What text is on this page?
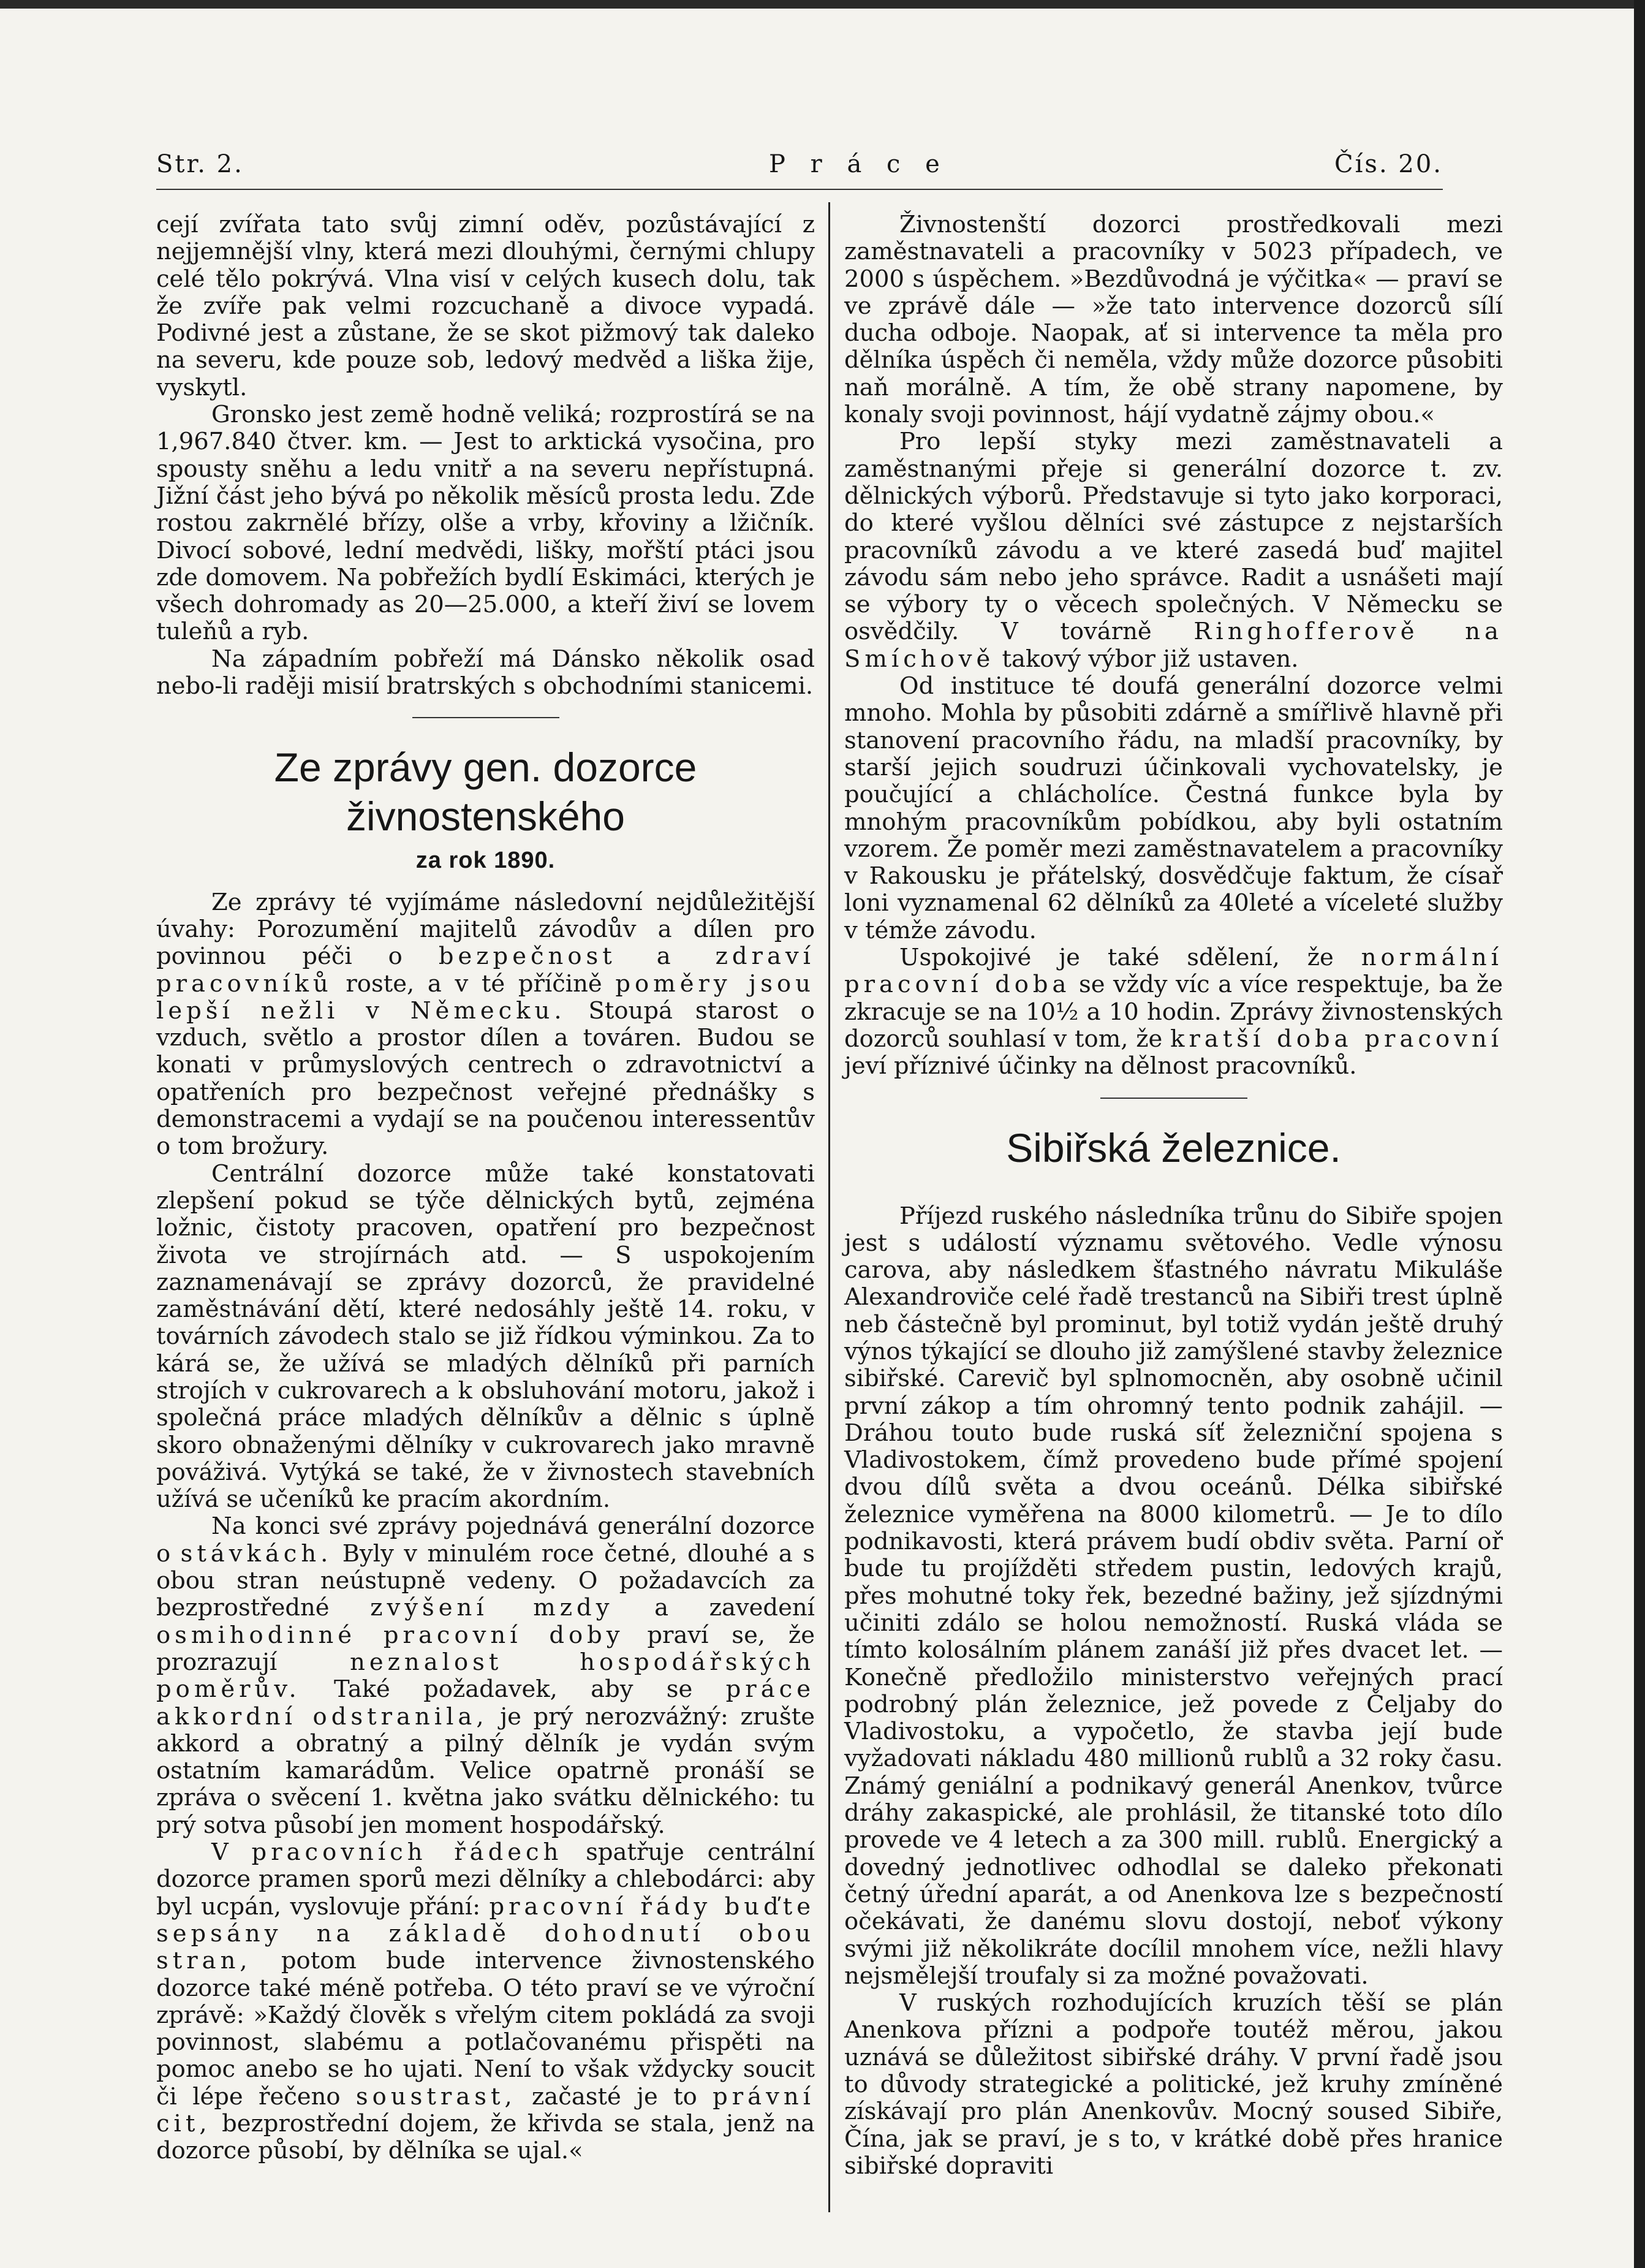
Str. 2.	P r á c e	Čís. 20.

cejí zvířata tato svůj zimní oděv, pozůstávající z nejjemnější vlny, která mezi dlouhými, černými chlupy celé tělo pokrývá. Vlna visí v celých kusech dolu, tak že zvíře pak velmi rozcuchaně a divoce vypadá. Podivné jest a zůstane, že se skot pižmový tak daleko na severu, kde pouze sob, ledový medvěd a liška žije, vyskytl.

Gronsko jest země hodně veliká; rozprostírá se na 1,967.840 čtver. km. — Jest to arktická vysočina, pro spousty sněhu a ledu vnitř a na severu nepřístupná. Jižní část jeho bývá po několik měsíců prosta ledu. Zde rostou zakrnělé břízy, olše a vrby, křoviny a lžičník. Divocí sobové, lední medvědi, lišky, mořští ptáci jsou zde domovem. Na pobřežích bydlí Eskimáci, kterých je všech dohromady as 20—25.000, a kteří živí se lovem tuleňů a ryb.

Na západním pobřeží má Dánsko několik osad nebo-li raději misií bratrských s obchodními stanicemi.

Ze zprávy gen. dozorce živnostenského
za rok 1890.

Ze zprávy té vyjímáme následovní nejdůležitější úvahy: Porozumění majitelů závodův a dílen pro povinnou péči o bezpečnost a zdraví pracovníků roste, a v té příčině poměry jsou lepší nežli v Německu. Stoupá starost o vzduch, světlo a prostor dílen a továren. Budou se konati v průmyslových centrech o zdravotnictví a opatřeních pro bezpečnost veřejné přednášky s demonstracemi a vydají se na poučenou interessentův o tom brožury.

Centrální dozorce může také konstatovati zlepšení pokud se týče dělnických bytů, zejména ložnic, čistoty pracoven, opatření pro bezpečnost života ve strojírnách atd. — S uspokojením zaznamenávají se zprávy dozorců, že pravidelné zaměstnávání dětí, které nedosáhly ještě 14. roku, v továrních závodech stalo se již řídkou výminkou. Za to kárá se, že užívá se mladých dělníků při parních strojích v cukrovarech a k obsluhování motoru, jakož i společná práce mladých dělníkův a dělnic s úplně skoro obnaženými dělníky v cukrovarech jako mravně pováživá. Vytýká se také, že v živnostech stavebních užívá se učeníků ke pracím akordním.

Na konci své zprávy pojednává generální dozorce o stávkách. Byly v minulém roce četné, dlouhé a s obou stran neústupně vedeny. O požadavcích za bezprostředné zvýšení mzdy a zavedení osmihodinné pracovní doby praví se, že prozrazují	neznalost hospodářských poměrův. Také požadavek, aby se práce akkordní odstranila, je prý nerozvážný: zrušte akkord a obratný a pilný dělník je vydán svým ostatním kamarádům. Velice opatrně pronáší se zpráva o svěcení 1. května jako svátku dělnického: tu prý sotva působí jen moment hospodářský.

V pracovních řádech spatřuje centrální dozorce pramen sporů mezi dělníky a chlebodárci: aby byl ucpán, vyslovuje přání: pracovní řády buďte sepsány na základě dohodnutí obou stran, potom bude intervence živnostenského dozorce také méně potřeba. O této praví se ve výroční zprávě: »Každý člověk s vřelým citem pokládá za svoji povinnost, slabému a potlačovanému přispěti na pomoc anebo se ho ujati. Není to však vždycky soucit či lépe řečeno soustrast, začasté je to právní cit, bezprostřední dojem, že křivda se stala, jenž na dozorce působí, by dělníka se ujal.«

Živnostenští dozorci prostředkovali mezi zaměstnavateli a pracovníky v 5023 případech, ve 2000 s úspěchem. »Bezdůvodná je výčitka« — praví se ve zprávě dále — »že tato intervence dozorců sílí ducha odboje. Naopak, ať si intervence ta měla pro dělníka úspěch či neměla, vždy může dozorce působiti naň morálně. A tím, že obě strany napomene, by konaly svoji povinnost, hájí vydatně zájmy obou.«

Pro lepší styky mezi zaměstnavateli a zaměstnanými přeje si generální dozorce t. zv. dělnických výborů. Představuje si tyto jako korporaci, do které vyšlou dělníci své zástupce z nejstarších pracovníků závodu a ve které zasedá buď majitel závodu sám nebo jeho správce. Radit a usnášeti mají se výbory ty o věcech společných. V Německu se osvědčily. V továrně Ringhofferově na Smíchově takový výbor již ustaven.

Od instituce té doufá generální dozorce velmi mnoho. Mohla by působiti zdárně a smířlivě hlavně při stanovení pracovního řádu, na mladší pracovníky, by starší jejich soudruzi účinkovali vychovatelsky, je poučující a chlácholíce. Čestná funkce byla by mnohým pracovníkům pobídkou, aby byli ostatním vzorem. Že poměr mezi zaměstnavatelem a pracovníky v Rakousku je přátelský, dosvědčuje faktum, že císař loni vyznamenal 62 dělníků za 40leté a víceleté služby v témže závodu.

Uspokojivé je také sdělení, že normální pracovní doba se vždy víc a více respektuje, ba že zkracuje se na 10½ a 10 hodin. Zprávy živnostenských dozorců souhlasí v tom, že kratší doba pracovní jeví příznivé účinky na dělnost pracovníků.

Sibiřská železnice.

Příjezd ruského následníka trůnu do Sibiře spojen jest s událostí významu světového. Vedle výnosu carova, aby následkem šťastného návratu Mikuláše Alexandroviče celé řadě trestanců na Sibiři trest úplně neb částečně byl prominut, byl totiž vydán ještě druhý výnos týkající se dlouho již zamýšlené stavby železnice sibiřské. Carevič byl splnomocněn, aby osobně učinil první zákop a tím ohromný tento podnik zahájil. — Dráhou touto bude ruská síť železniční spojena s Vladivostokem, čímž provedeno bude přímé spojení dvou dílů světa a dvou oceánů. Délka sibiřské železnice vyměřena na 8000 kilometrů. — Je to dílo podnikavosti, která právem budí obdiv světa. Parní oř bude tu projížděti středem pustin, ledových krajů, přes mohutné toky řek, bezedné bažiny, jež sjízdnými učiniti zdálo se holou nemožností. Ruská vláda se tímto kolosálním plánem zanáší již přes dvacet let. — Konečně předložilo ministerstvo veřejných prací podrobný plán železnice, jež povede z Čeljaby do Vladivostoku, a vypočetlo, že stavba její bude vyžadovati nákladu 480 millionů rublů a 32 roky času. Známý geniální a podnikavý generál Anenkov, tvůrce dráhy zakaspické, ale prohlásil, že titanské toto dílo provede ve 4 letech a za 300 mill. rublů. Energický a dovedný jednotlivec odhodlal se daleko překonati četný úřední aparát, a od Anenkova lze s bezpečností očekávati, že danému slovu dostojí, neboť výkony svými již několikráte docílil mnohem více, nežli hlavy nejsmělejší troufaly si za možné považovati.

V ruských rozhodujících kruzích těší se plán Anenkova přízni a podpoře toutéž měrou, jakou uznává se důležitost sibiřské dráhy. V první řadě jsou to důvody strategické a politické, jež kruhy zmíněné získávají pro plán Anenkovův. Mocný soused Sibiře, Čína, jak se praví, je s to, v krátké době přes hranice sibiřské dopraviti
